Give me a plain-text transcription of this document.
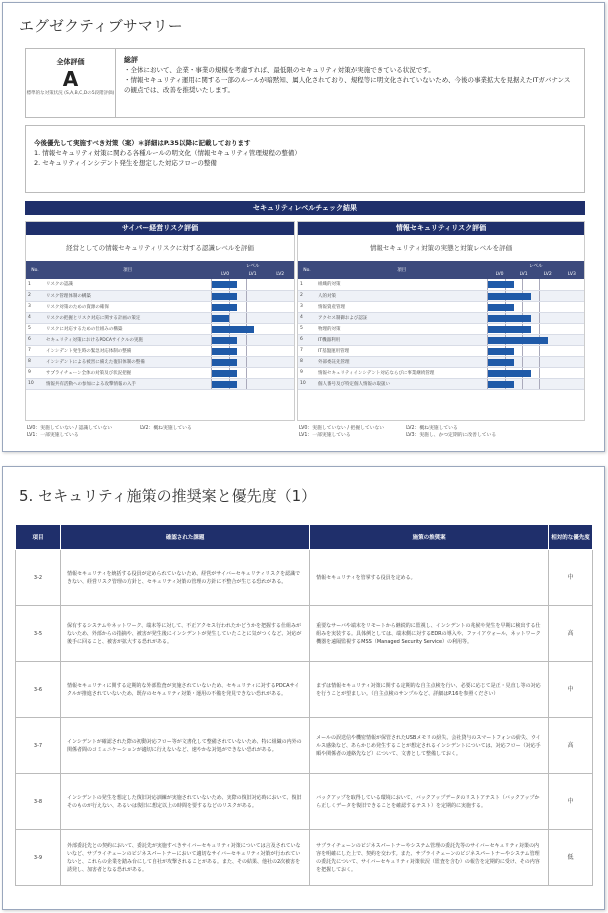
エグゼクティブサマリー
全体評価
A
標準的な対策状況 (S,A,B,C,Dの5段階評価)
総評
・ 全体において、企業・事業の規模を考慮すれば、最低限のセキュリティ対策が実施できている状況です。
・ 情報セキュリティ運用に関する一部のルールが暗黙知、属人化されており、規程等に明文化されていないため、今後の事業拡大を見据えたITガバナンスの観点では、改善を推奨いたします。
今後優先して実施すべき対策（案）＊詳細はP.35以降に記載しております
1. 情報セキュリティ対策に関わる各種ルールの明文化（情報セキュリティ管理規程の整備）
2. セキュリティインシデント発生を想定した対応フローの整備
セキュリティレベルチェック結果
サイバー経営リスク評価
経営としての情報セキュリティリスクに対する認識レベルを評価
No.	項目	レベル		
		LV0	LV1	LV2
1	リスクの認識			

2	リスク管理体制の構築			

3	リスク対策のための資源の確保			

4	リスクの把握とリスク対応に関する計画の策定			

5	リスクに対応するための仕組みの構築			

6	セキュリティ対策におけるPDCAサイクルの実施			

7	インシデント発生時の緊急対応体制の整備			

8	インシデントによる被害に備えた復旧体制の整備			

9	サプライチェーン全体の対策及び状況把握			

10	情報共有活動への参加による攻撃情報の入手			
情報セキュリティリスク評価
情報セキュリティ対策の実態と対策レベルを評価
No.	項目	レベル			
		LV0	LV1	LV2	LV3
1	組織的対策				

2	人的対策				

3	情報資産管理				

4	アクセス制御および認証				

5	物理的対策				

6	IT機器利用				

7	IT基盤運用管理				

8	外部委託先管理				

9	情報セキュリティインシデント対応ならびに事業継続管理				

10	個人番号及び特定個人情報の取扱い				
LV0：実施していない / 認識していない
LV1：一部実施している
LV2：概ね実施している	LV0：実施していない / 把握していない
LV1：一部実施している
LV2：概ね実施している
LV3：実施し、かつ定期的に改善している
5. セキュリティ施策の推奨案と優先度（1）
項目	確認された課題	施策の推奨案	相対的な優先度
3-2	情報セキュリティを統括する役員が定められていないため、経営がサイバーセキュリティリスクを認識できない、経営リスク管理の方針と、セキュリティ対策の管理の方針に不整合が生じる恐れがある。	情報セキュリティを管掌する役員を定める。	中
3-5	保有するシステムやネットワーク、端末等に対して、不正アクセス行われたかどうかを把握する仕組みがないため、外部からの指摘や、被害が発生後にインシデントが発生していたことに気がつくなど、対応が後手に回ること、被害が拡大する恐れがある。	重要なサーバや端末をリモートから継続的に監視し、インシデントの兆候や発生を早期に検出する仕組みを実装する。具体例としては、端末側に対するEDRの導入や、ファイアウォール、ネットワーク機器を遠隔監視するMSS（Managed Security Service）の利用等。	高
3-6	情報セキュリティに関する定期的な外部監査が実施されていないため、セキュリティに対するPDCAサイクルが推進されていないため、既存のセキュリティ対策・運用の不備を発見できない恐れがある。	まずは情報セキュリティ対策に関する定期的な自主点検を行い、必要に応じて是正・見直し等の対応を行うことが望ましい。（自主点検のサンプルなど、詳細はP.16を参照ください）	中
3-7	インシデントが確認された際の初動対応フロー等が文書化して整備されていないため、特に組織の内外の関係者間のコミュニケーションが適切に行えないなど、速やかな対処ができない恐れがある。	メールの誤送信や機密情報が保管されたUSBメモリの紛失、会社貸与のスマートフォンの紛失、ウイルス感染など、あらかじめ発生することが想定されるインシデントについては、対応フロー（対応手順や関係者の連絡先など）について、文書として整備しておく。	高
3-8	インシデントの発生を想定した復旧対応訓練が実施されていないため、実際の復旧対応時において、復旧そのものが行えない、あるいは復旧に想定以上の時間を要するなどのリスクがある。	バックアップを取得している環境において、バックアップデータのリストアテスト（バックアップから正しくデータを復旧できることを確認するテスト）を定期的に実施する。	中
3-9	外部委託先との契約において、委託先が実施すべきサイバーセキュリティ対策については言及されていないなど、サプライチェーンのビジネスパートナーにおいて適切なサイバーセキュリティ対策が行われていないと、これらの企業を踏み台にして自社が攻撃されることがある。また、その結果、他社の2次被害を誘発し、加害者となる恐れがある。	サプライチェーンのビジネスパートナーやシステム管理の委託先等のサイバーセキュリティ対策の内容を明確にした上で、契約を交わす。また、サプライチェーンのビジネスパートナーやシステム管理の委託先について、サイバーセキュリティ対策状況（監査を含む）の報告を定期的に受け、その内容を把握しておく。	低
